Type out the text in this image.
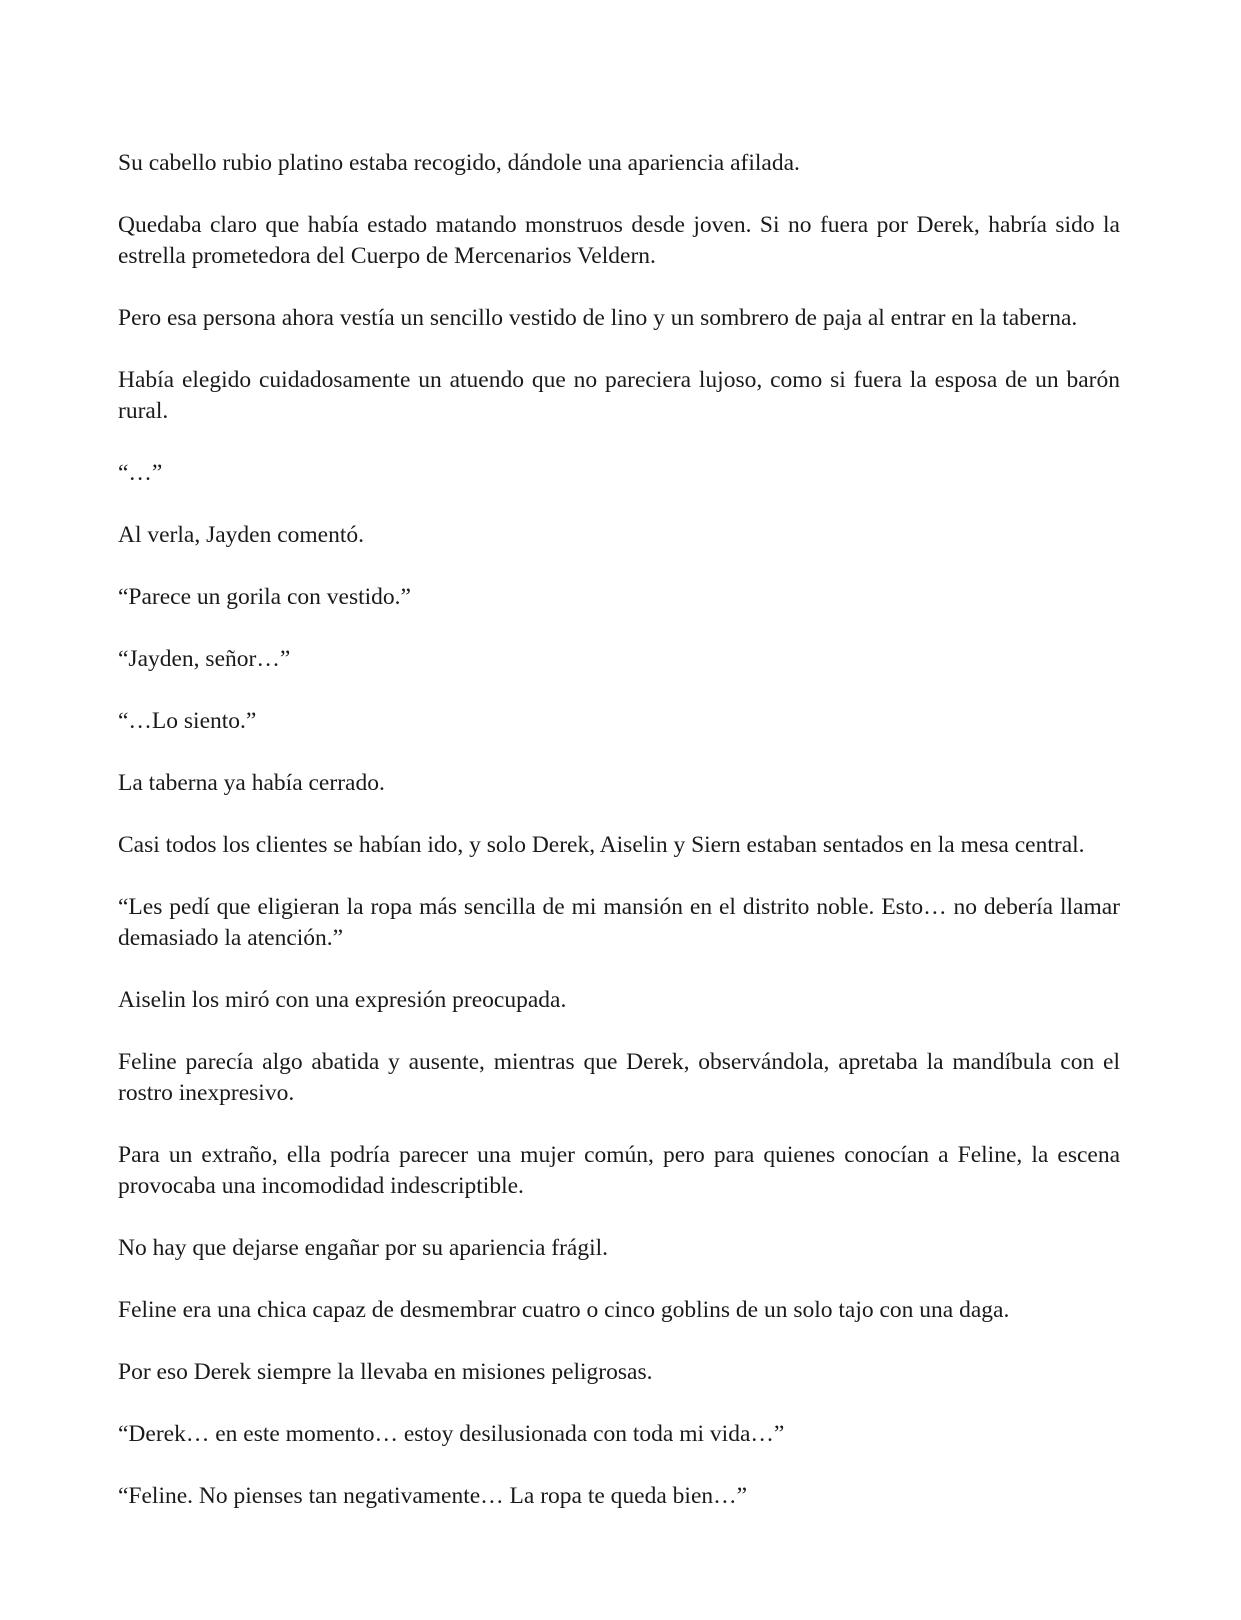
Su cabello rubio platino estaba recogido, dándole una apariencia afilada.

Quedaba claro que había estado matando monstruos desde joven. Si no fuera por Derek, habría sido la estrella prometedora del Cuerpo de Mercenarios Veldern.

Pero esa persona ahora vestía un sencillo vestido de lino y un sombrero de paja al entrar en la taberna.

Había elegido cuidadosamente un atuendo que no pareciera lujoso, como si fuera la esposa de un barón rural.

“…”

Al verla, Jayden comentó.

“Parece un gorila con vestido.”

“Jayden, señor…”

“…Lo siento.”

La taberna ya había cerrado.

Casi todos los clientes se habían ido, y solo Derek, Aiselin y Siern estaban sentados en la mesa central.

“Les pedí que eligieran la ropa más sencilla de mi mansión en el distrito noble. Esto… no debería llamar demasiado la atención.”

Aiselin los miró con una expresión preocupada.

Feline parecía algo abatida y ausente, mientras que Derek, observándola, apretaba la mandíbula con el rostro inexpresivo.

Para un extraño, ella podría parecer una mujer común, pero para quienes conocían a Feline, la escena provocaba una incomodidad indescriptible.

No hay que dejarse engañar por su apariencia frágil.

Feline era una chica capaz de desmembrar cuatro o cinco goblins de un solo tajo con una daga.

Por eso Derek siempre la llevaba en misiones peligrosas.

“Derek… en este momento… estoy desilusionada con toda mi vida…”

“Feline. No pienses tan negativamente… La ropa te queda bien…”
